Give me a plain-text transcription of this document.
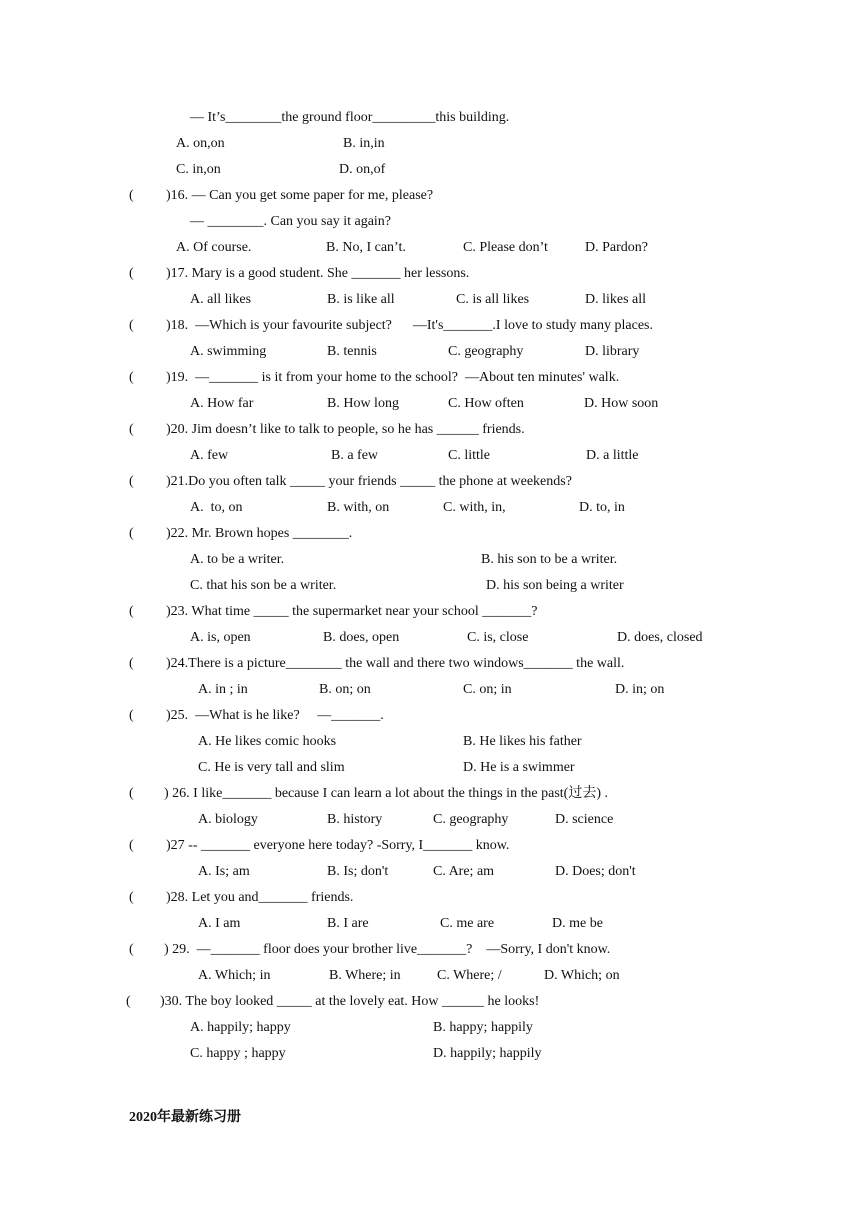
— It’s________the ground floor_________this building.
A. on,on	B. in,in
C. in,on	D. on,of
( )16. — Can you get some paper for me, please?
— ________. Can you say it again?
A. Of course.	B. No, I can’t.	C. Please don’t	D. Pardon?
( )17. Mary is a good student. She _______ her lessons.
A. all likes	B. is like all	C. is all likes	D. likes all
( )18.  —Which is your favourite subject?      —It's_______.I love to study many places.
A. swimming	B. tennis	C. geography	D. library
( )19.  —_______ is it from your home to the school?  —About ten minutes' walk.
A. How far	B. How long	C. How often	D. How soon
( )20. Jim doesn’t like to talk to people, so he has ______ friends.
A. few	B. a few	C. little	D. a little
( )21.Do you often talk _____ your friends _____ the phone at weekends?
A.  to, on	B. with, on	C. with, in,	D. to, in
( )22. Mr. Brown hopes ________.
A. to be a writer.	B. his son to be a writer.
C. that his son be a writer.	D. his son being a writer
( )23. What time _____ the supermarket near your school _______?
A. is, open	B. does, open	C. is, close	D. does, closed
( )24.There is a picture________ the wall and there two windows_______ the wall.
A. in ; in	B. on; on	C. on; in	D. in; on
( )25.  —What is he like?     —_______.
A. He likes comic hooks	B. He likes his father
C. He is very tall and slim	D. He is a swimmer
( ) 26. I like_______ because I can learn a lot about the things in the past(过去) .
A. biology	B. history	C. geography	D. science
( )27 -- _______ everyone here today? -Sorry, I_______ know.
A. Is; am	B. Is; don't	C. Are; am	D. Does; don't
( )28. Let you and_______ friends.
A. I am	B. I are	C. me are	D. me be
( ) 29.  —_______ floor does your brother live_______?    —Sorry, I don't know.
A. Which; in	B. Where; in	C. Where; /	D. Which; on
( )30. The boy looked _____ at the lovely eat. How ______ he looks!
A. happily; happy	B. happy; happily
C. happy ; happy	D. happily; happily
2020年最新练习册
